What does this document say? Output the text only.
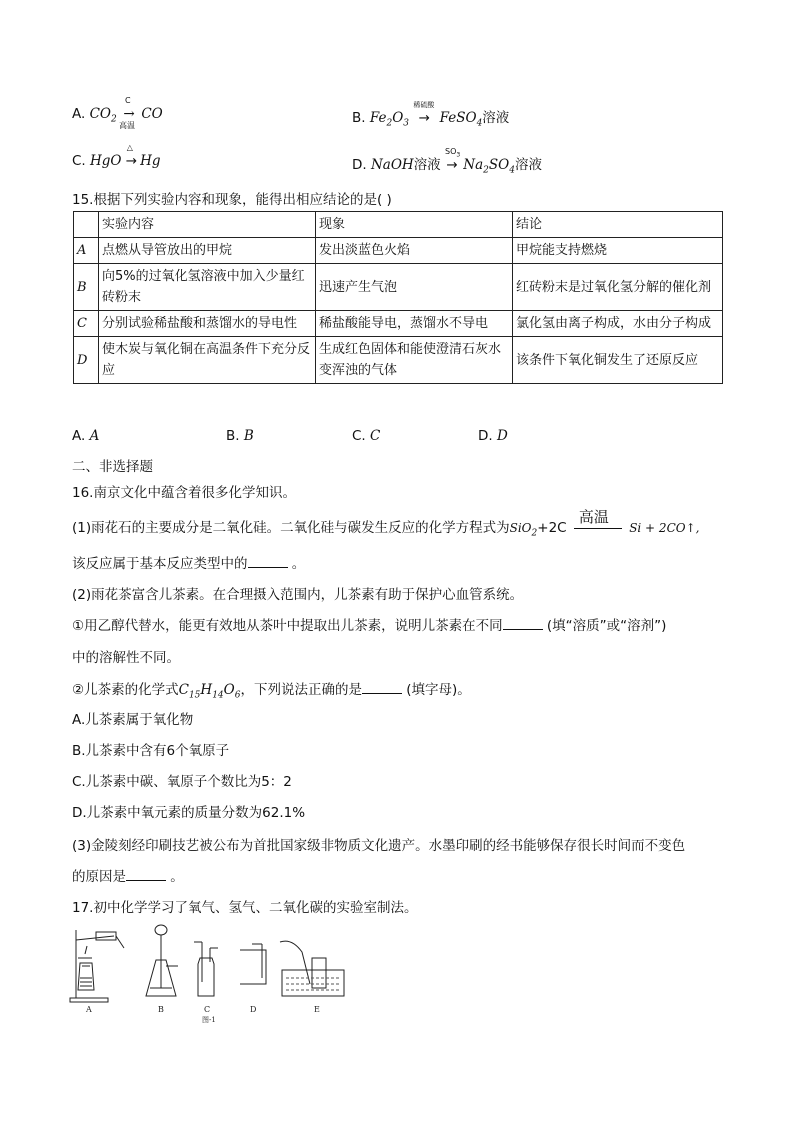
A. $CO_2$
C
→
高温
CO	B. $Fe_2O_3$
稀硫酸
→ FeSO$_4$溶液
C. HgO
△
→ Hg	D. NaOH溶液
$SO_3$
→ $Na_2SO_4$溶液
15.根据下列实验内容和现象，能得出相应结论的是( )
	实验内容	现象	结论
A	点燃从导管放出的甲烷	发出淡蓝色火焰	甲烷能支持燃烧
B	向5%的过氧化氢溶液中加入少量红砖粉末	迅速产生气泡	红砖粉末是过氧化氢分解的催化剂
C	分别试验稀盐酸和蒸馏水的导电性	稀盐酸能导电，蒸馏水不导电	氯化氢由离子构成，水由分子构成
D	使木炭与氧化铜在高温条件下充分反应	生成红色固体和能使澄清石灰水变浑浊的气体	该条件下氧化铜发生了还原反应
A. A	B. B	C. C	D. D
二、非选择题
16.南京文化中蕴含着很多化学知识。
(1)雨花石的主要成分是二氧化硅。二氧化硅与碳发生反应的化学方程式为SiO$_2$+2C
高温
Si + 2CO↑,
该反应属于基本反应类型中的	。
(2)雨花茶富含儿茶素。在合理摄入范围内，儿茶素有助于保护心血管系统。
①用乙醇代替水，能更有效地从茶叶中提取出儿茶素，说明儿茶素在不同	(填“溶质”或“溶剂”)
中的溶解性不同。
②儿茶素的化学式$C_{15}H_{14}O_6$，下列说法正确的是	(填字母)。
A.儿茶素属于氧化物
B.儿茶素中含有6个氧原子
C.儿茶素中碳、氧原子个数比为5：2
D.儿茶素中氧元素的质量分数为62.1%
(3)金陵刻经印刷技艺被公布为首批国家级非物质文化遗产。水墨印刷的经书能够保存很长时间而不变色
的原因是	。
17.初中化学学习了氧气、氢气、二氧化碳的实验室制法。
A	B	C	D	E
图-1
